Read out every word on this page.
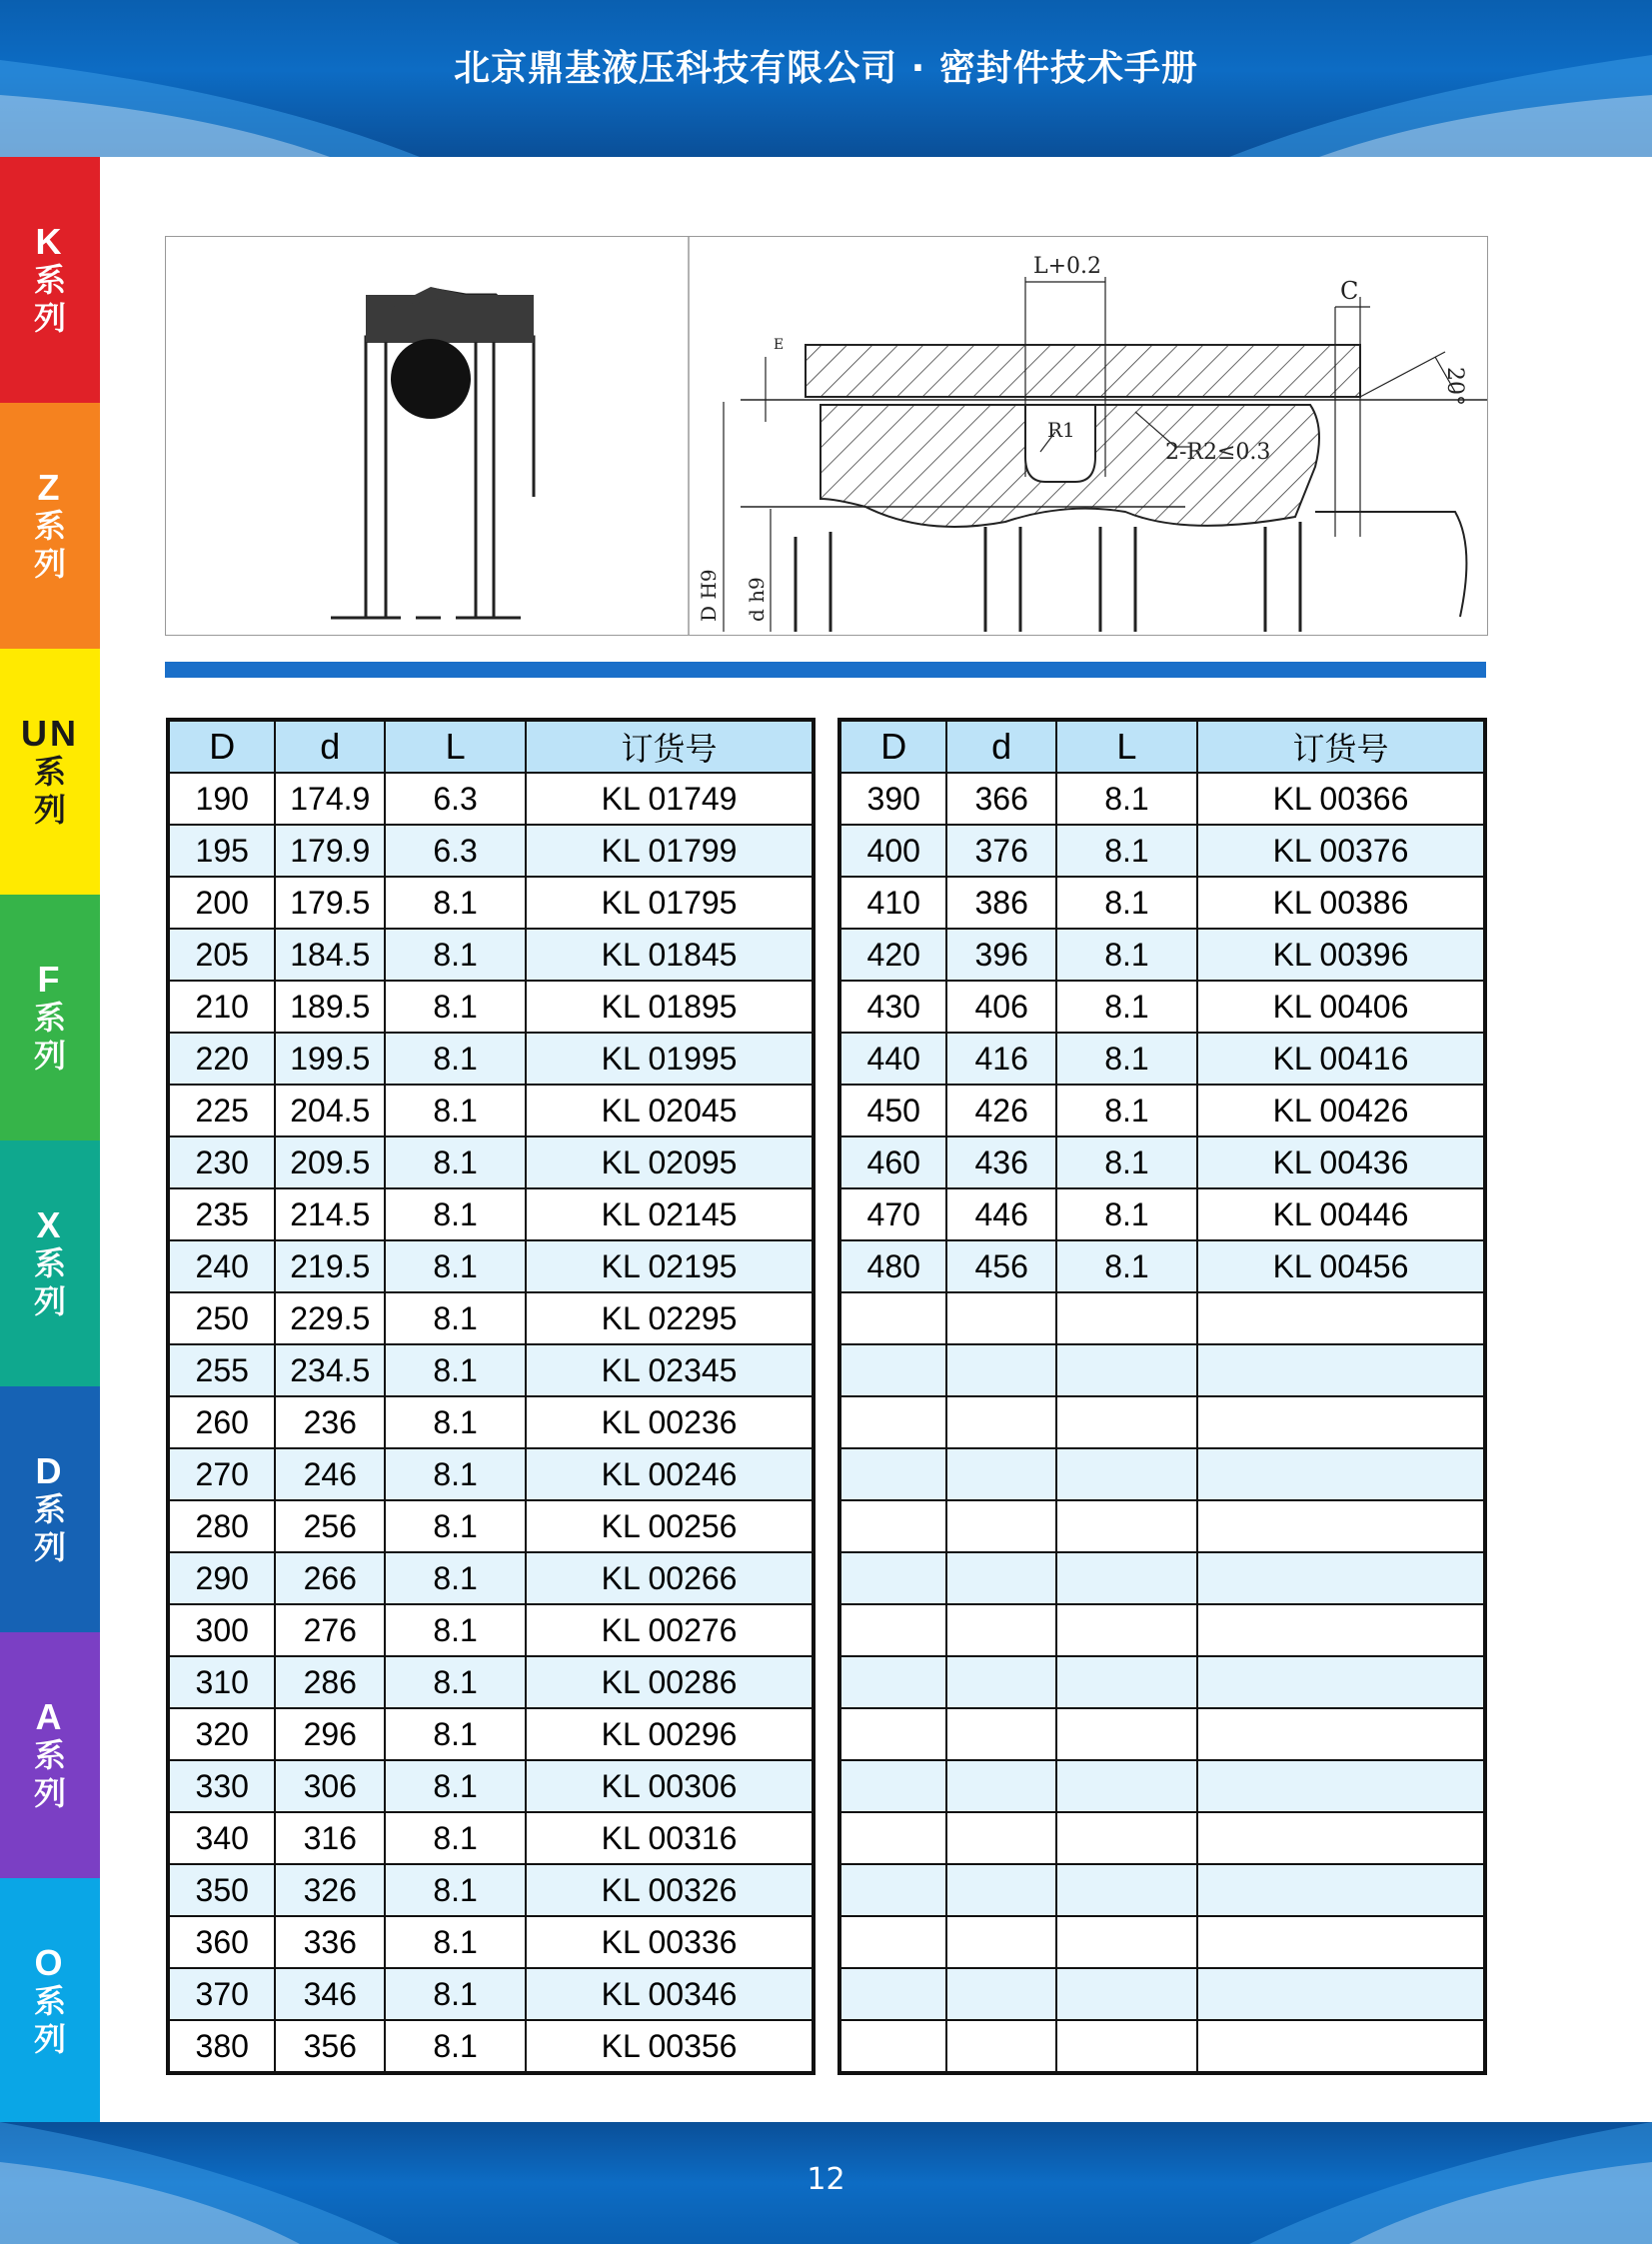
北京鼎基液压科技有限公司 · 密封件技术手册
K
系
列
Z
系
列
UN
系
列
F
系
列
X
系
列
D
系
列
A
系
列
O
系
列
L+0.2
C
20°
E
R1
2-R2≤0.3
D H9 d h9
D	d	L	订货号
190	174.9	6.3	KL 01749
195	179.9	6.3	KL 01799
200	179.5	8.1	KL 01795
205	184.5	8.1	KL 01845
210	189.5	8.1	KL 01895
220	199.5	8.1	KL 01995
225	204.5	8.1	KL 02045
230	209.5	8.1	KL 02095
235	214.5	8.1	KL 02145
240	219.5	8.1	KL 02195
250	229.5	8.1	KL 02295
255	234.5	8.1	KL 02345
260	236	8.1	KL 00236
270	246	8.1	KL 00246
280	256	8.1	KL 00256
290	266	8.1	KL 00266
300	276	8.1	KL 00276
310	286	8.1	KL 00286
320	296	8.1	KL 00296
330	306	8.1	KL 00306
340	316	8.1	KL 00316
350	326	8.1	KL 00326
360	336	8.1	KL 00336
370	346	8.1	KL 00346
380	356	8.1	KL 00356
D	d	L	订货号
390	366	8.1	KL 00366
400	376	8.1	KL 00376
410	386	8.1	KL 00386
420	396	8.1	KL 00396
430	406	8.1	KL 00406
440	416	8.1	KL 00416
450	426	8.1	KL 00426
460	436	8.1	KL 00436
470	446	8.1	KL 00446
480	456	8.1	KL 00456

12
